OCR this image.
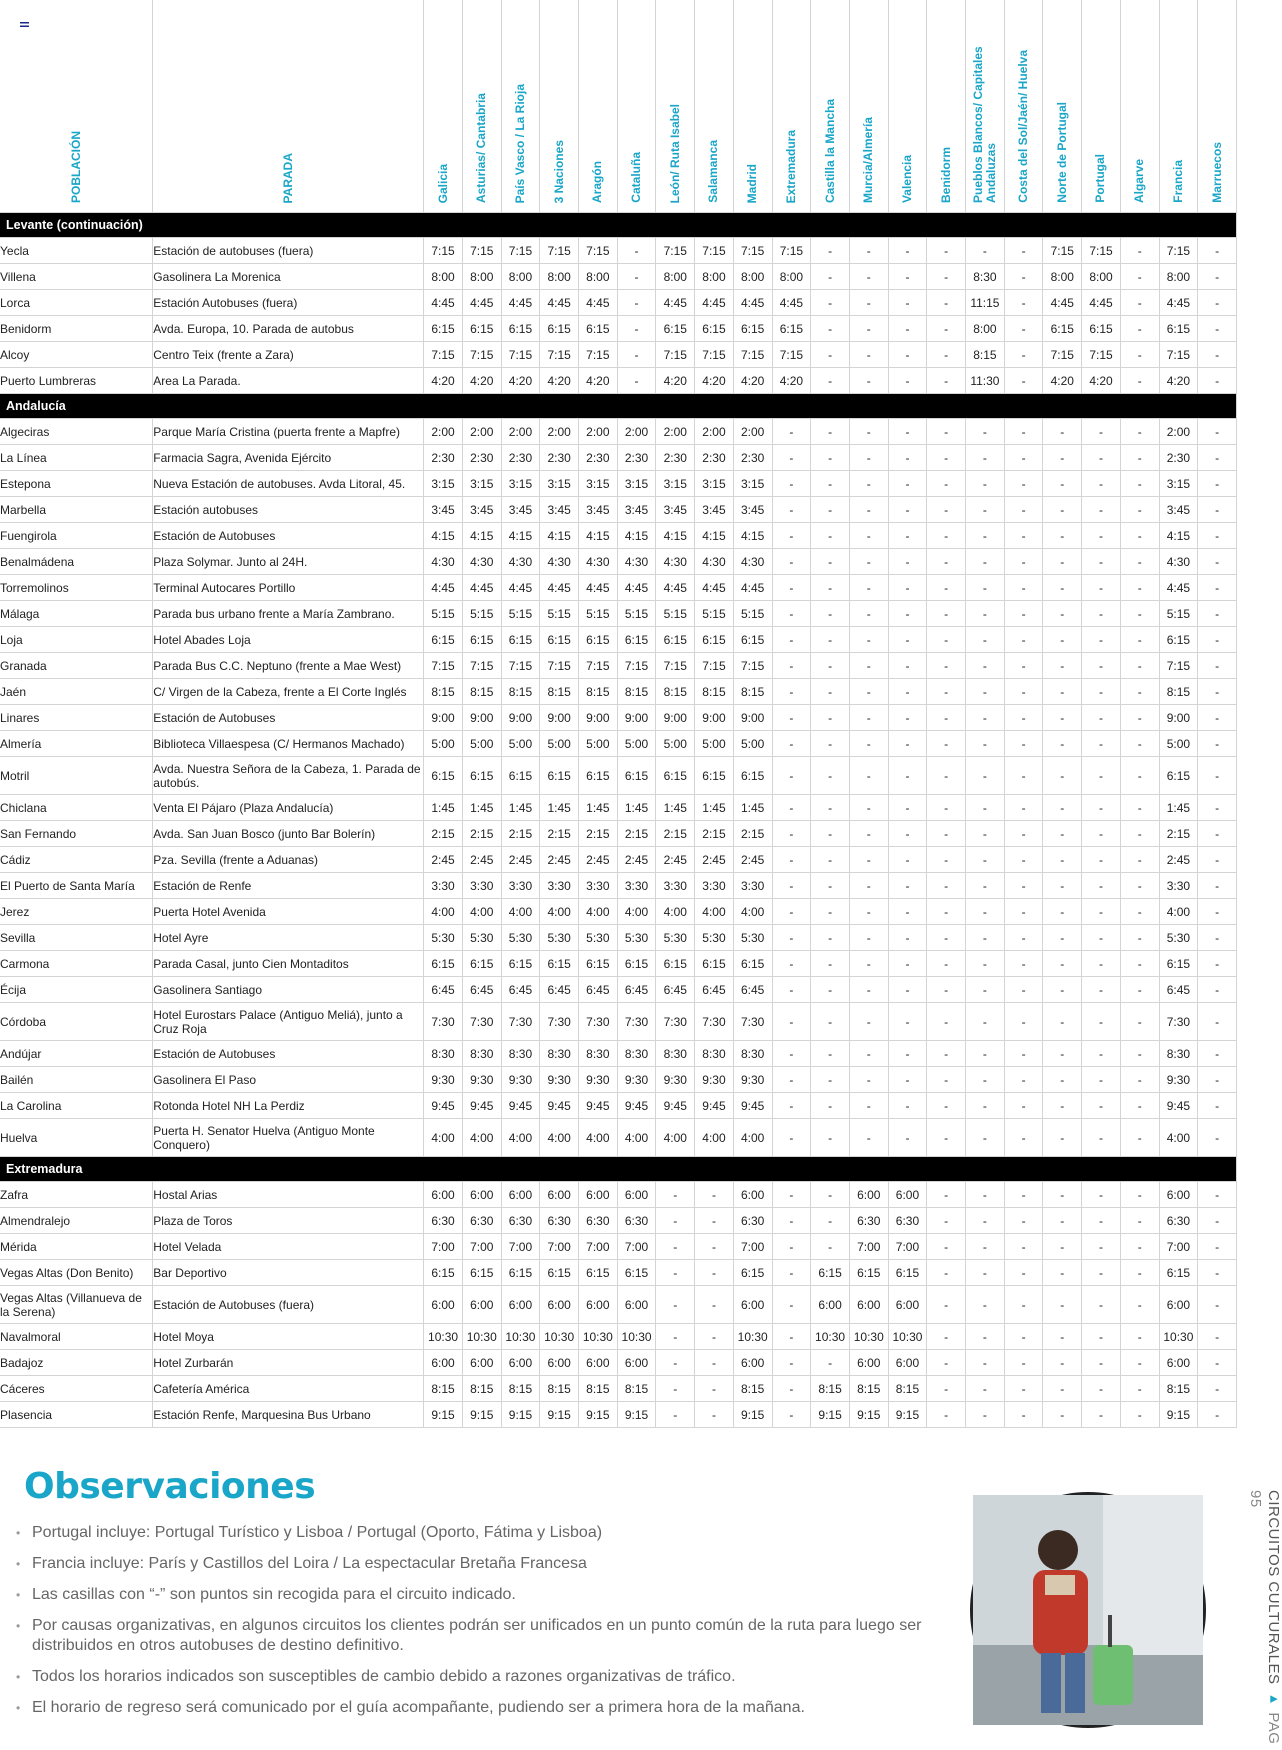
POBLACIÓN	PARADA	Galicia	Asturias/ Cantabria	País Vasco / La Rioja	3 Naciones	Aragón	Cataluña	León/ Ruta Isabel	Salamanca	Madrid	Extremadura	Castilla la Mancha	Murcia/Almería	Valencia	Benidorm	Pueblos Blancos/ Capitales Andaluzas	Costa del Sol/Jaén/ Huelva	Norte de Portugal	Portugal	Algarve	Francia	Marruecos
Levante (continuación)																						
Yecla	Estación de autobuses (fuera)	7:15	7:15	7:15	7:15	7:15	-	7:15	7:15	7:15	7:15	-	-	-	-	-	-	7:15	7:15	-	7:15	-
Villena	Gasolinera La Morenica	8:00	8:00	8:00	8:00	8:00	-	8:00	8:00	8:00	8:00	-	-	-	-	8:30	-	8:00	8:00	-	8:00	-
Lorca	Estación Autobuses (fuera)	4:45	4:45	4:45	4:45	4:45	-	4:45	4:45	4:45	4:45	-	-	-	-	11:15	-	4:45	4:45	-	4:45	-
Benidorm	Avda. Europa, 10. Parada de autobus	6:15	6:15	6:15	6:15	6:15	-	6:15	6:15	6:15	6:15	-	-	-	-	8:00	-	6:15	6:15	-	6:15	-
Alcoy	Centro Teix (frente a Zara)	7:15	7:15	7:15	7:15	7:15	-	7:15	7:15	7:15	7:15	-	-	-	-	8:15	-	7:15	7:15	-	7:15	-
Puerto Lumbreras	Area La Parada.	4:20	4:20	4:20	4:20	4:20	-	4:20	4:20	4:20	4:20	-	-	-	-	11:30	-	4:20	4:20	-	4:20	-
Andalucía																						
Algeciras	Parque María Cristina (puerta frente a Mapfre)	2:00	2:00	2:00	2:00	2:00	2:00	2:00	2:00	2:00	-	-	-	-	-	-	-	-	-	-	2:00	-
La Línea	Farmacia Sagra, Avenida Ejército	2:30	2:30	2:30	2:30	2:30	2:30	2:30	2:30	2:30	-	-	-	-	-	-	-	-	-	-	2:30	-
Estepona	Nueva Estación de autobuses. Avda Litoral, 45.	3:15	3:15	3:15	3:15	3:15	3:15	3:15	3:15	3:15	-	-	-	-	-	-	-	-	-	-	3:15	-
Marbella	Estación autobuses	3:45	3:45	3:45	3:45	3:45	3:45	3:45	3:45	3:45	-	-	-	-	-	-	-	-	-	-	3:45	-
Fuengirola	Estación de Autobuses	4:15	4:15	4:15	4:15	4:15	4:15	4:15	4:15	4:15	-	-	-	-	-	-	-	-	-	-	4:15	-
Benalmádena	Plaza Solymar. Junto al 24H.	4:30	4:30	4:30	4:30	4:30	4:30	4:30	4:30	4:30	-	-	-	-	-	-	-	-	-	-	4:30	-
Torremolinos	Terminal Autocares Portillo	4:45	4:45	4:45	4:45	4:45	4:45	4:45	4:45	4:45	-	-	-	-	-	-	-	-	-	-	4:45	-
Málaga	Parada bus urbano frente a María Zambrano.	5:15	5:15	5:15	5:15	5:15	5:15	5:15	5:15	5:15	-	-	-	-	-	-	-	-	-	-	5:15	-
Loja	Hotel Abades Loja	6:15	6:15	6:15	6:15	6:15	6:15	6:15	6:15	6:15	-	-	-	-	-	-	-	-	-	-	6:15	-
Granada	Parada Bus C.C. Neptuno (frente a Mae West)	7:15	7:15	7:15	7:15	7:15	7:15	7:15	7:15	7:15	-	-	-	-	-	-	-	-	-	-	7:15	-
Jaén	C/ Virgen de la Cabeza, frente a El Corte Inglés	8:15	8:15	8:15	8:15	8:15	8:15	8:15	8:15	8:15	-	-	-	-	-	-	-	-	-	-	8:15	-
Linares	Estación de Autobuses	9:00	9:00	9:00	9:00	9:00	9:00	9:00	9:00	9:00	-	-	-	-	-	-	-	-	-	-	9:00	-
Almería	Biblioteca Villaespesa (C/ Hermanos Machado)	5:00	5:00	5:00	5:00	5:00	5:00	5:00	5:00	5:00	-	-	-	-	-	-	-	-	-	-	5:00	-
Motril	Avda. Nuestra Señora de la Cabeza, 1. Parada de autobús.	6:15	6:15	6:15	6:15	6:15	6:15	6:15	6:15	6:15	-	-	-	-	-	-	-	-	-	-	6:15	-
Chiclana	Venta El Pájaro (Plaza Andalucía)	1:45	1:45	1:45	1:45	1:45	1:45	1:45	1:45	1:45	-	-	-	-	-	-	-	-	-	-	1:45	-
San Fernando	Avda. San Juan Bosco (junto Bar Bolerín)	2:15	2:15	2:15	2:15	2:15	2:15	2:15	2:15	2:15	-	-	-	-	-	-	-	-	-	-	2:15	-
Cádiz	Pza. Sevilla (frente a Aduanas)	2:45	2:45	2:45	2:45	2:45	2:45	2:45	2:45	2:45	-	-	-	-	-	-	-	-	-	-	2:45	-
El Puerto de Santa María	Estación de Renfe	3:30	3:30	3:30	3:30	3:30	3:30	3:30	3:30	3:30	-	-	-	-	-	-	-	-	-	-	3:30	-
Jerez	Puerta Hotel Avenida	4:00	4:00	4:00	4:00	4:00	4:00	4:00	4:00	4:00	-	-	-	-	-	-	-	-	-	-	4:00	-
Sevilla	Hotel Ayre	5:30	5:30	5:30	5:30	5:30	5:30	5:30	5:30	5:30	-	-	-	-	-	-	-	-	-	-	5:30	-
Carmona	Parada Casal, junto Cien Montaditos	6:15	6:15	6:15	6:15	6:15	6:15	6:15	6:15	6:15	-	-	-	-	-	-	-	-	-	-	6:15	-
Écija	Gasolinera Santiago	6:45	6:45	6:45	6:45	6:45	6:45	6:45	6:45	6:45	-	-	-	-	-	-	-	-	-	-	6:45	-
Córdoba	Hotel Eurostars Palace (Antiguo Meliá), junto a Cruz Roja	7:30	7:30	7:30	7:30	7:30	7:30	7:30	7:30	7:30	-	-	-	-	-	-	-	-	-	-	7:30	-
Andújar	Estación de Autobuses	8:30	8:30	8:30	8:30	8:30	8:30	8:30	8:30	8:30	-	-	-	-	-	-	-	-	-	-	8:30	-
Bailén	Gasolinera El Paso	9:30	9:30	9:30	9:30	9:30	9:30	9:30	9:30	9:30	-	-	-	-	-	-	-	-	-	-	9:30	-
La Carolina	Rotonda Hotel NH La Perdiz	9:45	9:45	9:45	9:45	9:45	9:45	9:45	9:45	9:45	-	-	-	-	-	-	-	-	-	-	9:45	-
Huelva	Puerta H. Senator Huelva (Antiguo Monte Conquero)	4:00	4:00	4:00	4:00	4:00	4:00	4:00	4:00	4:00	-	-	-	-	-	-	-	-	-	-	4:00	-
Extremadura																						
Zafra	Hostal Arias	6:00	6:00	6:00	6:00	6:00	6:00	-	-	6:00	-	-	6:00	6:00	-	-	-	-	-	-	6:00	-
Almendralejo	Plaza de Toros	6:30	6:30	6:30	6:30	6:30	6:30	-	-	6:30	-	-	6:30	6:30	-	-	-	-	-	-	6:30	-
Mérida	Hotel Velada	7:00	7:00	7:00	7:00	7:00	7:00	-	-	7:00	-	-	7:00	7:00	-	-	-	-	-	-	7:00	-
Vegas Altas (Don Benito)	Bar Deportivo	6:15	6:15	6:15	6:15	6:15	6:15	-	-	6:15	-	6:15	6:15	6:15	-	-	-	-	-	-	6:15	-
Vegas Altas (Villanueva de la Serena)	Estación de Autobuses (fuera)	6:00	6:00	6:00	6:00	6:00	6:00	-	-	6:00	-	6:00	6:00	6:00	-	-	-	-	-	-	6:00	-
Navalmoral	Hotel Moya	10:30	10:30	10:30	10:30	10:30	10:30	-	-	10:30	-	10:30	10:30	10:30	-	-	-	-	-	-	10:30	-
Badajoz	Hotel Zurbarán	6:00	6:00	6:00	6:00	6:00	6:00	-	-	6:00	-	-	6:00	6:00	-	-	-	-	-	-	6:00	-
Cáceres	Cafetería América	8:15	8:15	8:15	8:15	8:15	8:15	-	-	8:15	-	8:15	8:15	8:15	-	-	-	-	-	-	8:15	-
Plasencia	Estación Renfe, Marquesina Bus Urbano	9:15	9:15	9:15	9:15	9:15	9:15	-	-	9:15	-	9:15	9:15	9:15	-	-	-	-	-	-	9:15	-
Observaciones
• Portugal incluye: Portugal Turístico y Lisboa / Portugal (Oporto, Fátima y Lisboa)
• Francia incluye: París y Castillos del Loira / La espectacular Bretaña Francesa
• Las casillas con “-” son puntos sin recogida para el circuito indicado.
• Por causas organizativas, en algunos circuitos los clientes podrán ser unificados en un punto común de la ruta para luego ser distribuidos en otros autobuses de destino definitivo.
• Todos los horarios indicados son susceptibles de cambio debido a razones organizativas de tráfico.
• El horario de regreso será comunicado por el guía acompañante, pudiendo ser a primera hora de la mañana.
CIRCUITOS CULTURALES ▸ PAG 95
